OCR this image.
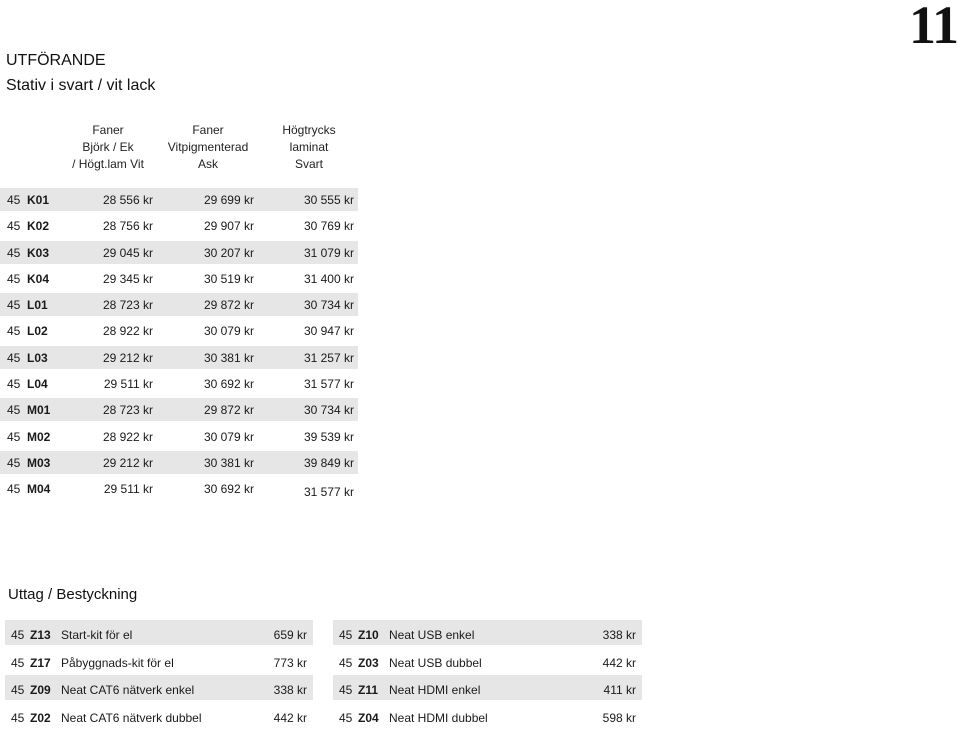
11
UTFÖRANDE
Stativ i svart / vit lack
Faner
Björk / Ek
/ Högt.lam Vit
Faner
Vitpigmenterad
Ask
Högtrycks
laminat
Svart
45 K01	28 556 kr	29 699 kr	30 555 kr
45 K02	28 756 kr	29 907 kr	30 769 kr
45 K03	29 045 kr	30 207 kr	31 079 kr
45 K04	29 345 kr	30 519 kr	31 400 kr
45 L01	28 723 kr	29 872 kr	30 734 kr
45 L02	28 922 kr	30 079 kr	30 947 kr
45 L03	29 212 kr	30 381 kr	31 257 kr
45 L04	29 511 kr	30 692 kr	31 577 kr
45 M01	28 723 kr	29 872 kr	30 734 kr
45 M02	28 922 kr	30 079 kr	39 539 kr
45 M03	29 212 kr	30 381 kr	39 849 kr
45 M04	29 511 kr	30 692 kr	31 577 kr
Uttag / Bestyckning
45 Z13 Start-kit för el	659 kr
45 Z17 Påbyggnads-kit för el	773 kr
45 Z09 Neat CAT6 nätverk enkel	338 kr
45 Z02 Neat CAT6 nätverk dubbel	442 kr
45 Z10 Neat USB enkel	338 kr
45 Z03 Neat USB dubbel	442 kr
45 Z11 Neat HDMI enkel	411 kr
45 Z04 Neat HDMI dubbel	598 kr
